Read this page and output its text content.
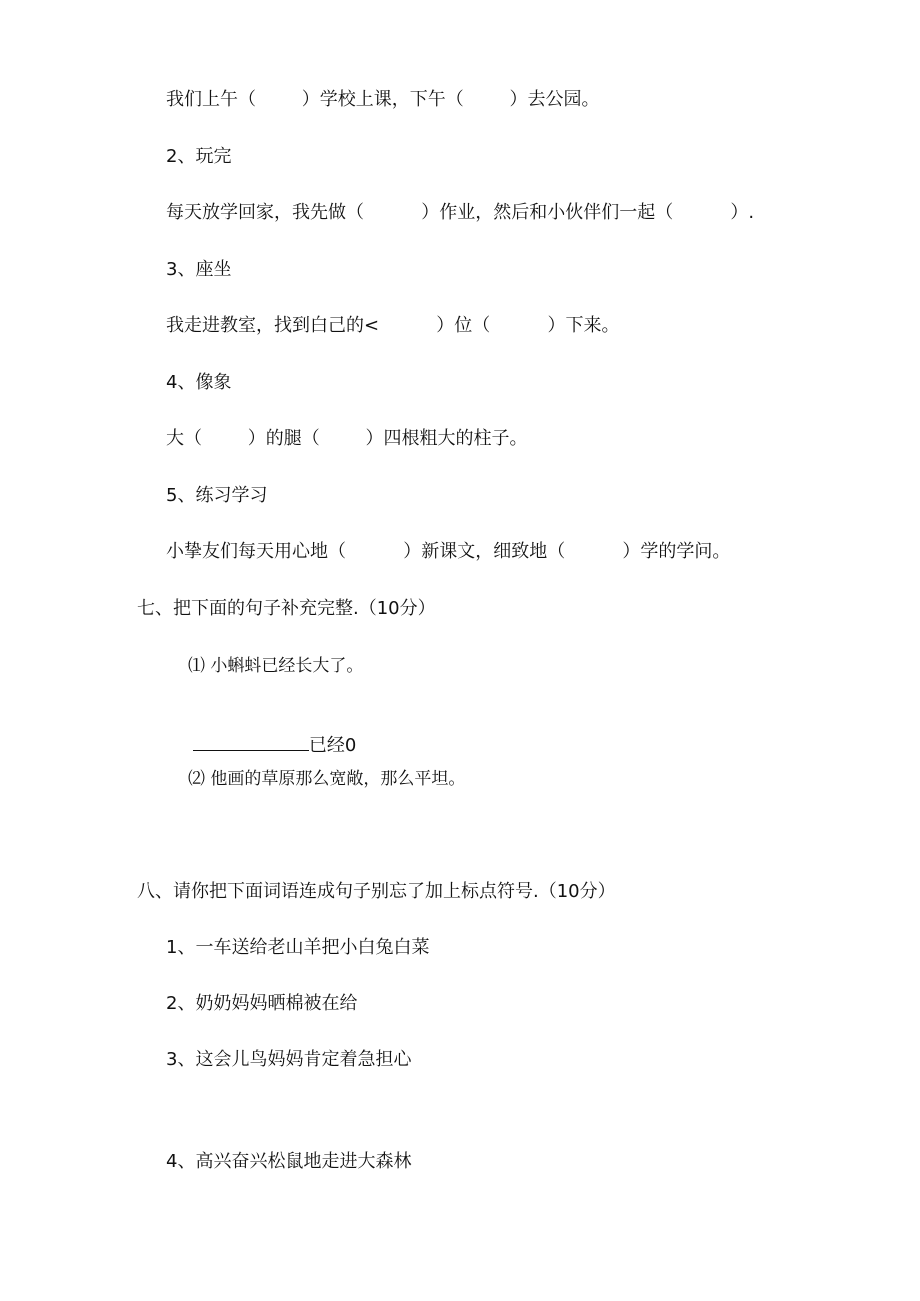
我们上午（        ）学校上课，下午（        ）去公园。
2、玩完
每天放学回家，我先做（          ）作业，然后和小伙伴们一起（          ）.
3、座坐
我走进教室，找到白己的<          ）位（          ）下来。
4、像象
大（        ）的腿（        ）四根粗大的柱子。
5、练习学习
小挚友们每天用心地（          ）新课文，细致地（          ）学的学问。
七、把下面的句子补充完整.（10分）
⑴ 小蝌蚪已经长大了。

已经0

⑵ 他画的草原那么宽敞，那么平坦。
八、请你把下面词语连成句子别忘了加上标点符号.（10分）
1、一车送给老山羊把小白兔白菜
2、奶奶妈妈晒棉被在给
3、这会儿鸟妈妈肯定着急担心
4、高兴奋兴松鼠地走进大森林
